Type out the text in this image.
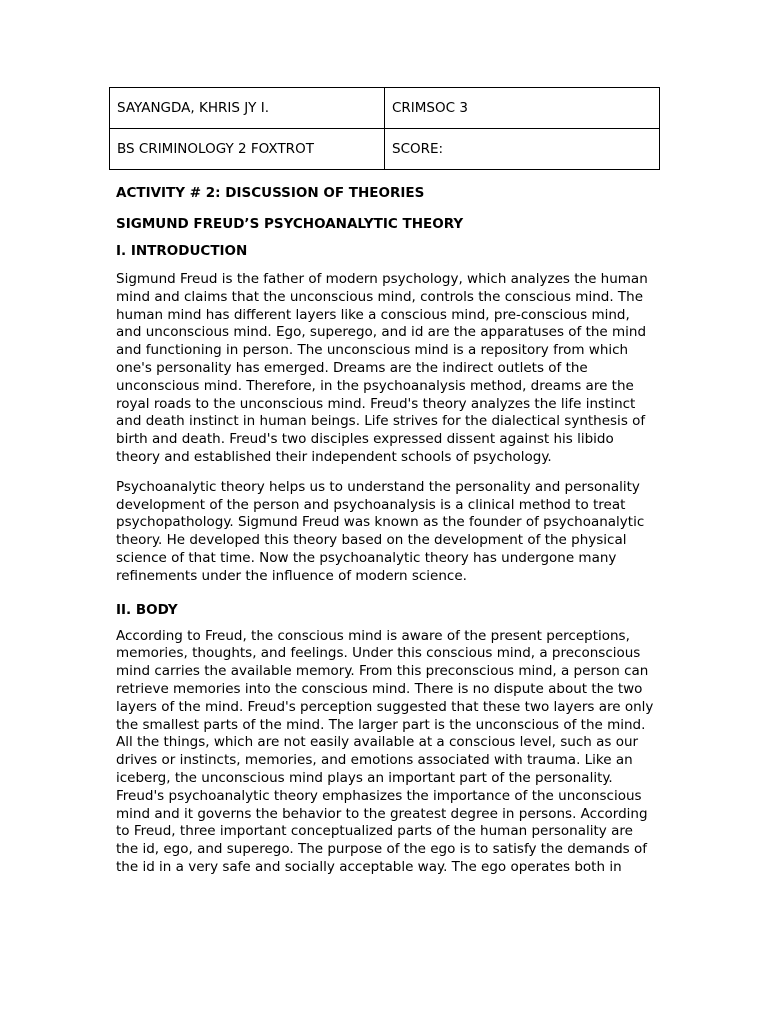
SAYANGDA, KHRIS JY I.	CRIMSOC 3
BS CRIMINOLOGY 2 FOXTROT	SCORE:
ACTIVITY # 2: DISCUSSION OF THEORIES
SIGMUND FREUD’S PSYCHOANALYTIC THEORY
I. INTRODUCTION

Sigmund Freud is the father of modern psychology, which analyzes the human mind and claims that the unconscious mind, controls the conscious mind. The human mind has different layers like a conscious mind, pre-conscious mind, and unconscious mind. Ego, superego, and id are the apparatuses of the mind and functioning in person. The unconscious mind is a repository from which one's personality has emerged. Dreams are the indirect outlets of the unconscious mind. Therefore, in the psychoanalysis method, dreams are the royal roads to the unconscious mind. Freud's theory analyzes the life instinct and death instinct in human beings. Life strives for the dialectical synthesis of birth and death. Freud's two disciples expressed dissent against his libido theory and established their independent schools of psychology.

Psychoanalytic theory helps us to understand the personality and personality development of the person and psychoanalysis is a clinical method to treat psychopathology. Sigmund Freud was known as the founder of psychoanalytic theory. He developed this theory based on the development of the physical science of that time. Now the psychoanalytic theory has undergone many refinements under the influence of modern science.

II. BODY

According to Freud, the conscious mind is aware of the present perceptions, memories, thoughts, and feelings. Under this conscious mind, a preconscious mind carries the available memory. From this preconscious mind, a person can retrieve memories into the conscious mind. There is no dispute about the two layers of the mind. Freud's perception suggested that these two layers are only the smallest parts of the mind. The larger part is the unconscious of the mind. All the things, which are not easily available at a conscious level, such as our drives or instincts, memories, and emotions associated with trauma. Like an iceberg, the unconscious mind plays an important part of the personality. Freud's psychoanalytic theory emphasizes the importance of the unconscious mind and it governs the behavior to the greatest degree in persons. According to Freud, three important conceptualized parts of the human personality are the id, ego, and superego. The purpose of the ego is to satisfy the demands of the id in a very safe and socially acceptable way. The ego operates both in
